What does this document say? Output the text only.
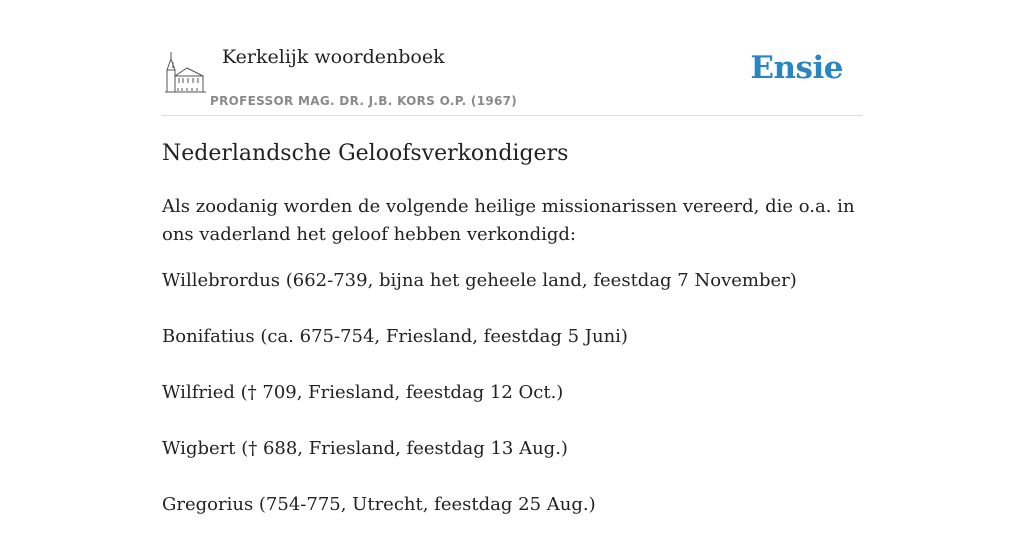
Kerkelijk woordenboek
PROFESSOR MAG. DR. J.B. KORS O.P. (1967)
Ensie
Nederlandsche Geloofsverkondigers

Als zoodanig worden de volgende heilige missionarissen vereerd, die o.a. in ons vaderland het geloof hebben verkondigd:

Willebrordus (662-739, bijna het geheele land, feestdag 7 November)
Bonifatius (ca. 675-754, Friesland, feestdag 5 Juni)
Wilfried († 709, Friesland, feestdag 12 Oct.)
Wigbert († 688, Friesland, feestdag 13 Aug.)
Gregorius (754-775, Utrecht, feestdag 25 Aug.)
